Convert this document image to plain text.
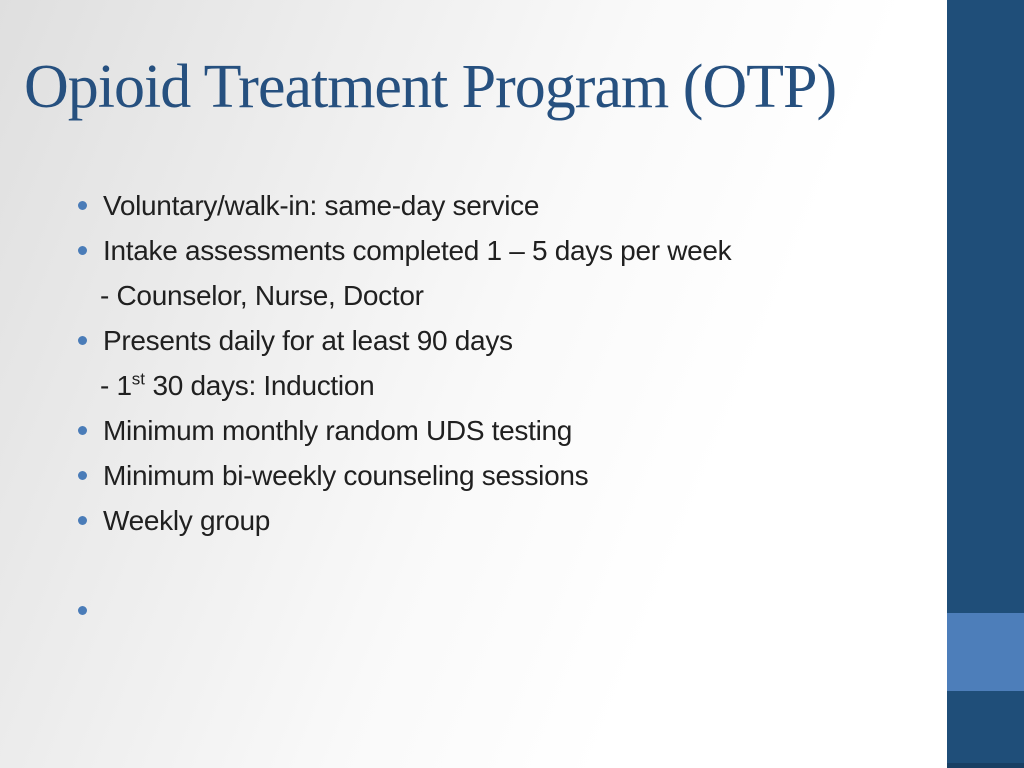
Opioid Treatment Program (OTP)
Voluntary/walk-in: same-day service
Intake assessments completed 1 – 5 days per week
- Counselor, Nurse, Doctor
Presents daily for at least 90 days
- 1st 30 days: Induction
Minimum monthly random UDS testing
Minimum bi-weekly counseling sessions
Weekly group
